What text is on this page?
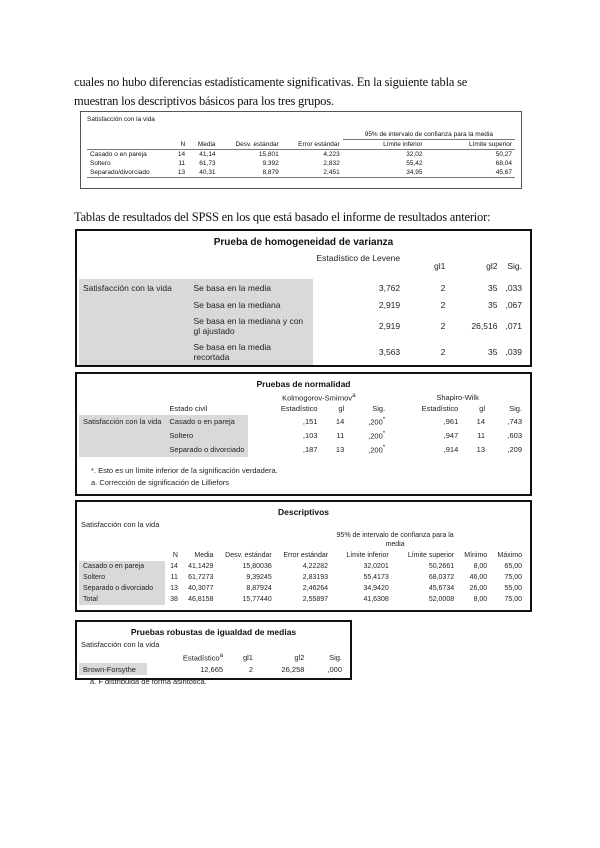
cuales no hubo diferencias estadísticamente significativas. En la siguiente tabla se
muestran los descriptivos básicos para los tres grupos.
Satisfacción con la vida
					95% de intervalo de confianza para la media	
	N	Media	Desv. estándar	Error estándar	Límite inferior	Límite superior
Casado o en pareja	14	41,14	15,801	4,223	32,02	50,27
Soltero	11	61,73	9,392	2,832	55,42	68,04
Separado/divorciado	13	40,31	8,879	2,451	34,95	45,67
Tablas de resultados del SPSS en los que está basado el informe de resultados anterior:
Prueba de homogeneidad de varianza
		Estadístico de Levene	gl1	gl2	Sig.
Satisfacción con la vida	Se basa en la media	3,762	2	35	,033
	Se basa en la mediana	2,919	2	35	,067
	Se basa en la mediana y con gl ajustado	2,919	2	26,516	,071
	Se basa en la media recortada	3,563	2	35	,039
Pruebas de normalidad
		Kolmogorov-Smirnov$^a$			Shapiro-Wilk		
	Estado civil	Estadístico	gl	Sig.	Estadístico	gl	Sig.
Satisfacción con la vida	Casado o en pareja	,151	14	,200*	,961	14	,743
	Soltero	,103	11	,200*	,947	11	,603
	Separado o divorciado	,187	13	,200*	,914	13	,209
*. Esto es un límite inferior de la significación verdadera.
a. Corrección de significación de Lilliefors
Descriptivos
Satisfacción con la vida
					95% de intervalo de confianza para la media			
	N	Media	Desv. estándar	Error estándar	Límite inferior	Límite superior	Mínimo	Máximo
Casado o en pareja	14	41,1429	15,80036	4,22282	32,0201	50,2661	8,00	65,00
Soltero	11	61,7273	9,39245	2,83193	55,4173	68,0372	46,00	75,00
Separado o divorciado	13	40,3077	8,87924	2,46264	34,9420	45,6734	26,00	55,00
Total	38	46,8158	15,77440	2,55897	41,6308	52,0008	8,00	75,00
Pruebas robustas de igualdad de medias
Satisfacción con la vida
	Estadístico$^a$	gl1	gl2	Sig.
Brown-Forsythe	12,665	2	26,258	,000
a. F distribuida de forma asintótica.
